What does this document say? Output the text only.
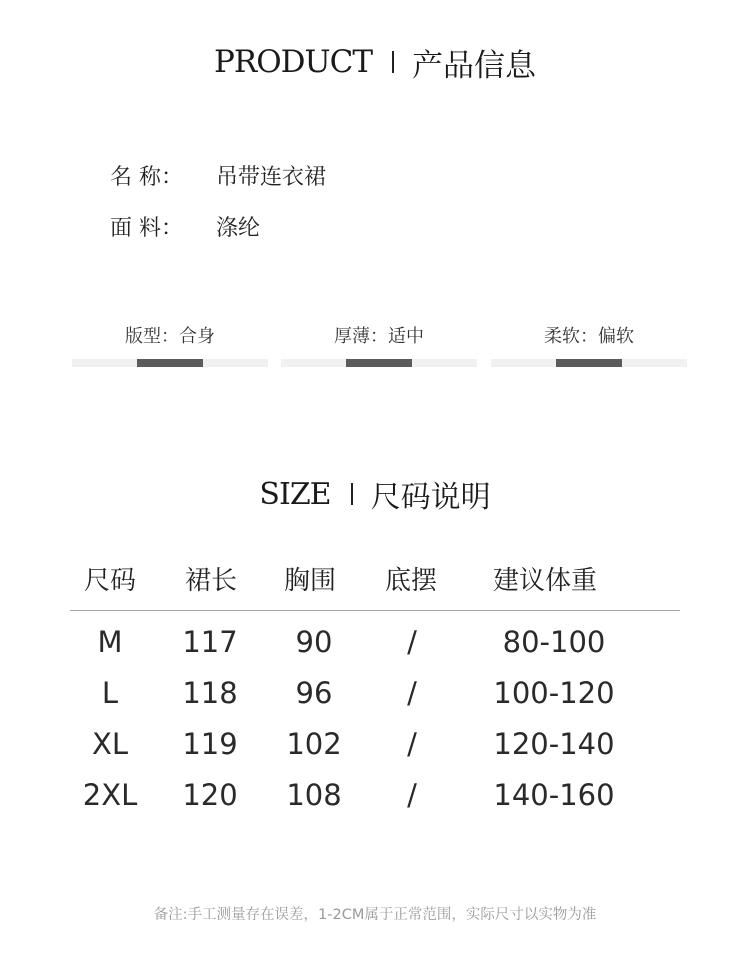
PRODUCT 产品信息
名 称：	吊带连衣裙
面 料：	涤纶
版型：合身	厚薄：适中	柔软：偏软
SIZE 尺码说明
尺码 裙长 胸围 底摆 建议体重
M	117	90	/	80-100
L	118	96	/	100-120
XL	119	102	/	120-140
2XL	120	108	/	140-160
备注:手工测量存在误差，1-2CM属于正常范围，实际尺寸以实物为准
